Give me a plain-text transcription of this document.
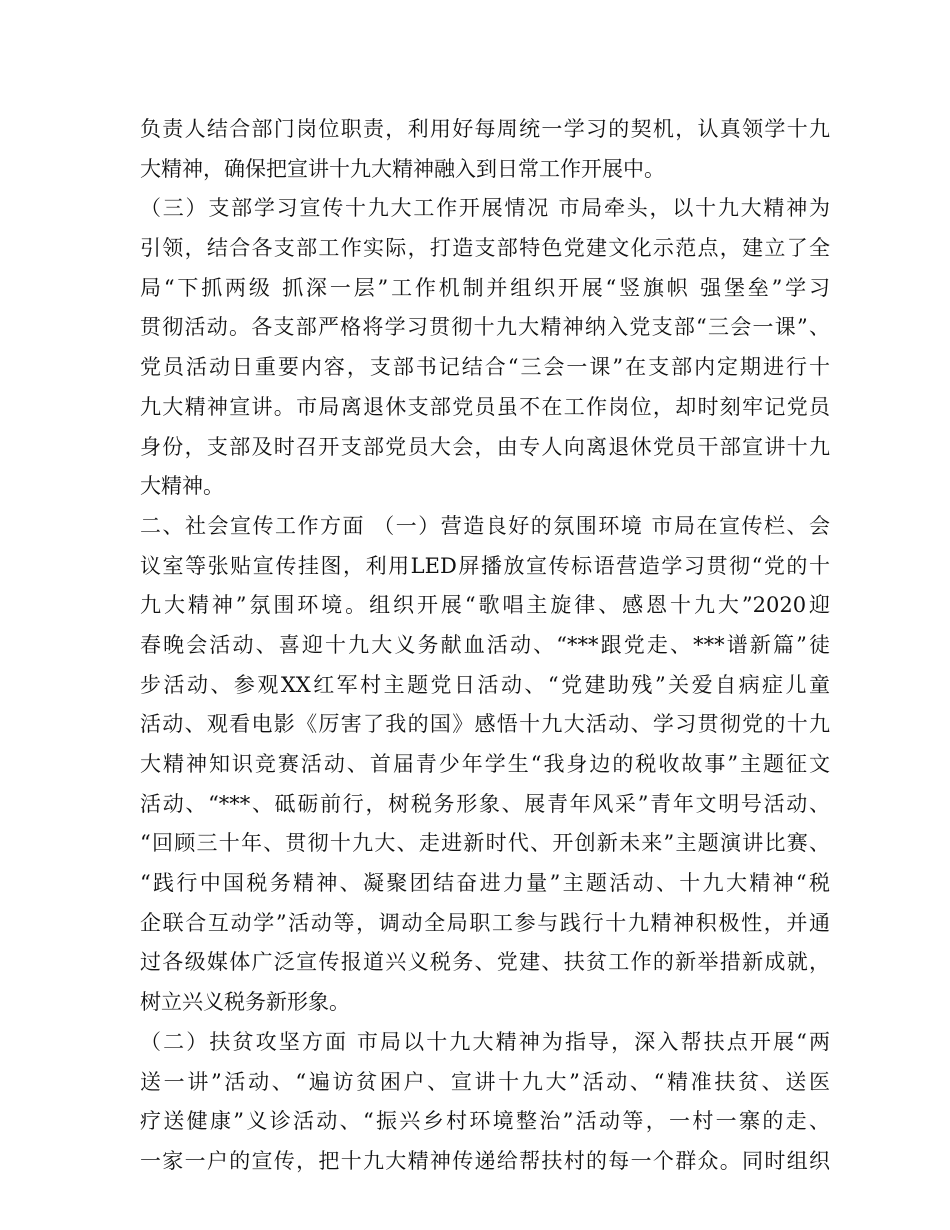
负责人结合部门岗位职责，利用好每周统一学习的契机，认真领学十九
大精神，确保把宣讲十九大精神融入到日常工作开展中。
（三）支部学习宣传十九大工作开展情况 市局牵头，以十九大精神为
引领，结合各支部工作实际，打造支部特色党建文化示范点，建立了全
局“下抓两级 抓深一层”工作机制并组织开展“竖旗帜 强堡垒”学习
贯彻活动。各支部严格将学习贯彻十九大精神纳入党支部“三会一课”、
党员活动日重要内容，支部书记结合“三会一课”在支部内定期进行十
九大精神宣讲。市局离退休支部党员虽不在工作岗位，却时刻牢记党员
身份，支部及时召开支部党员大会，由专人向离退休党员干部宣讲十九
大精神。
二、社会宣传工作方面 （一）营造良好的氛围环境 市局在宣传栏、会
议室等张贴宣传挂图，利用LED屏播放宣传标语营造学习贯彻“党的十
九大精神”氛围环境。组织开展“歌唱主旋律、感恩十九大”2020迎
春晚会活动、喜迎十九大义务献血活动、“***跟党走、***谱新篇”徒
步活动、参观XX红军村主题党日活动、“党建助残”关爱自病症儿童
活动、观看电影《厉害了我的国》感悟十九大活动、学习贯彻党的十九
大精神知识竞赛活动、首届青少年学生“我身边的税收故事”主题征文
活动、“***、砥砺前行，树税务形象、展青年风采”青年文明号活动、
“回顾三十年、贯彻十九大、走进新时代、开创新未来”主题演讲比赛、
“践行中国税务精神、凝聚团结奋进力量”主题活动、十九大精神“税
企联合互动学”活动等，调动全局职工参与践行十九精神积极性，并通
过各级媒体广泛宣传报道兴义税务、党建、扶贫工作的新举措新成就，
树立兴义税务新形象。
（二）扶贫攻坚方面 市局以十九大精神为指导，深入帮扶点开展“两
送一讲”活动、“遍访贫困户、宣讲十九大”活动、“精准扶贫、送医
疗送健康”义诊活动、“振兴乡村环境整治”活动等，一村一寨的走、
一家一户的宣传，把十九大精神传递给帮扶村的每一个群众。同时组织
